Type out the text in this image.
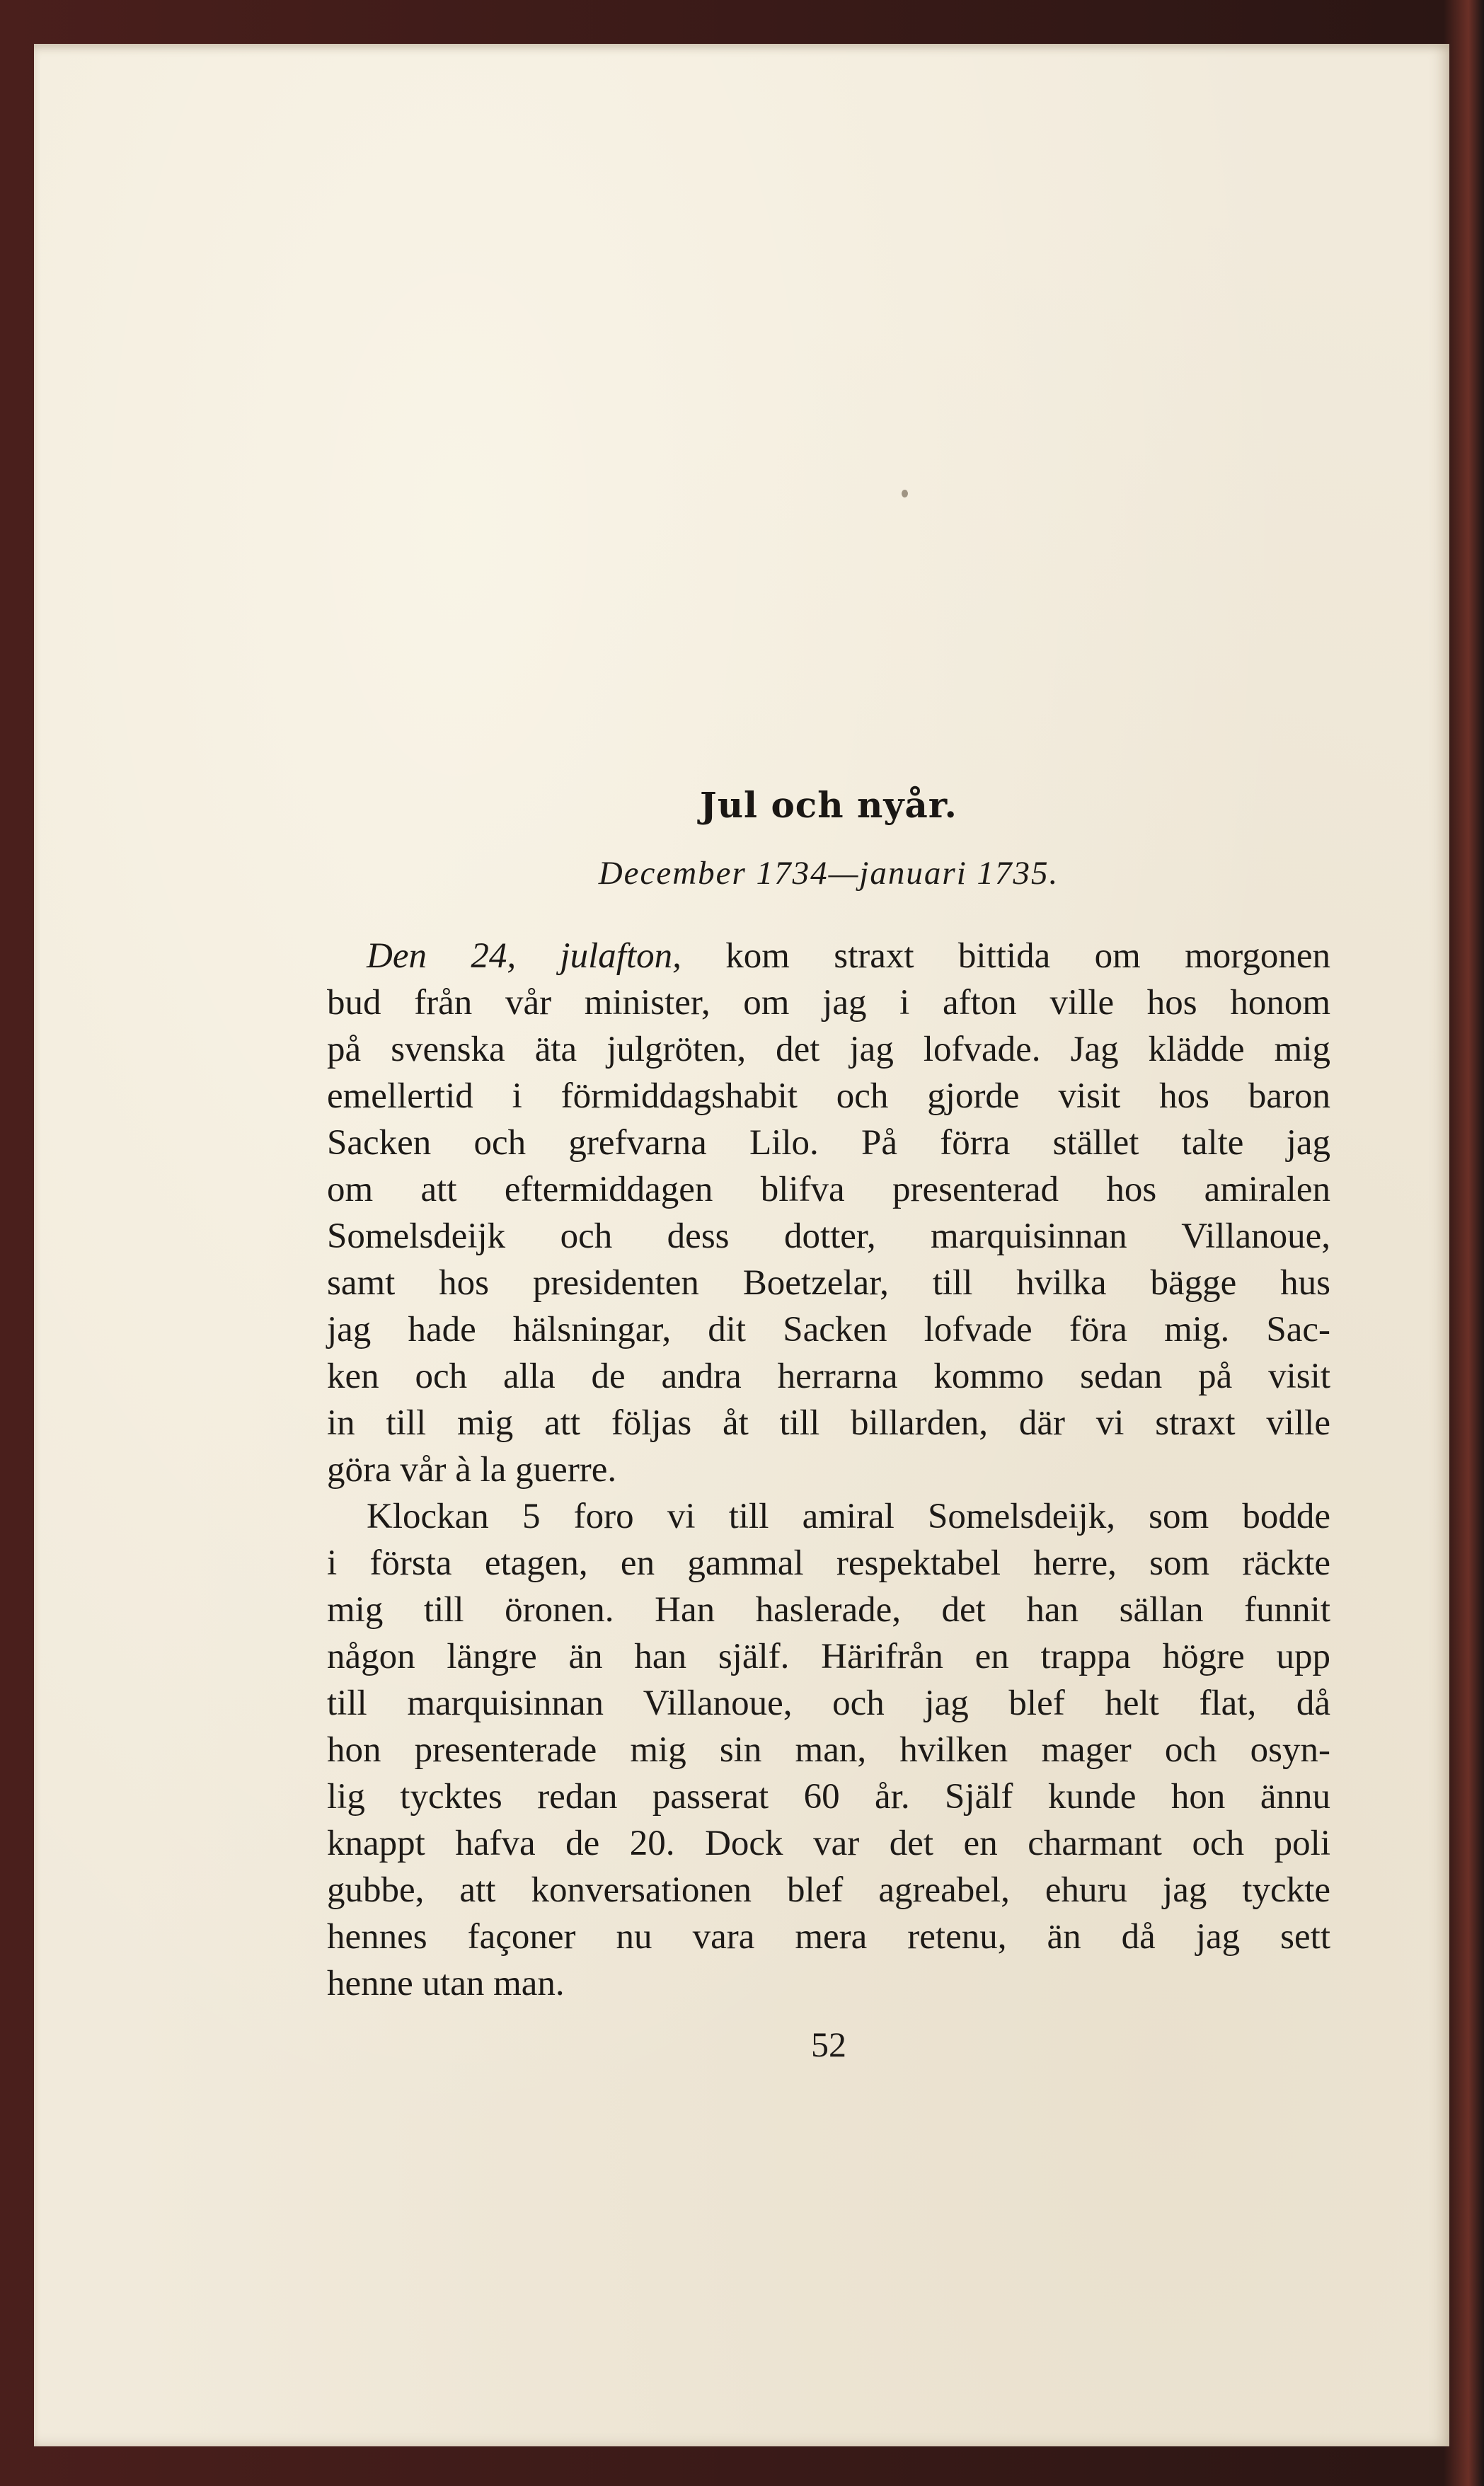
Jul och nyår.
December 1734—januari 1735.
Den 24, julafton, kom straxt bittida om morgonen
bud från vår minister, om jag i afton ville hos honom
på svenska äta julgröten, det jag lofvade. Jag klädde mig
emellertid i förmiddagshabit och gjorde visit hos baron
Sacken och grefvarna Lilo. På förra stället talte jag
om att eftermiddagen blifva presenterad hos amiralen
Somelsdeijk och dess dotter, marquisinnan Villanoue,
samt hos presidenten Boetzelar, till hvilka bägge hus
jag hade hälsningar, dit Sacken lofvade föra mig. Sac-
ken och alla de andra herrarna kommo sedan på visit
in till mig att följas åt till billarden, där vi straxt ville
göra vår à la guerre.
Klockan 5 foro vi till amiral Somelsdeijk, som bodde
i första etagen, en gammal respektabel herre, som räckte
mig till öronen. Han haslerade, det han sällan funnit
någon längre än han själf. Härifrån en trappa högre upp
till marquisinnan Villanoue, och jag blef helt flat, då
hon presenterade mig sin man, hvilken mager och osyn-
lig tycktes redan passerat 60 år. Själf kunde hon ännu
knappt hafva de 20. Dock var det en charmant och poli
gubbe, att konversationen blef agreabel, ehuru jag tyckte
hennes façoner nu vara mera retenu, än då jag sett
henne utan man.
52
